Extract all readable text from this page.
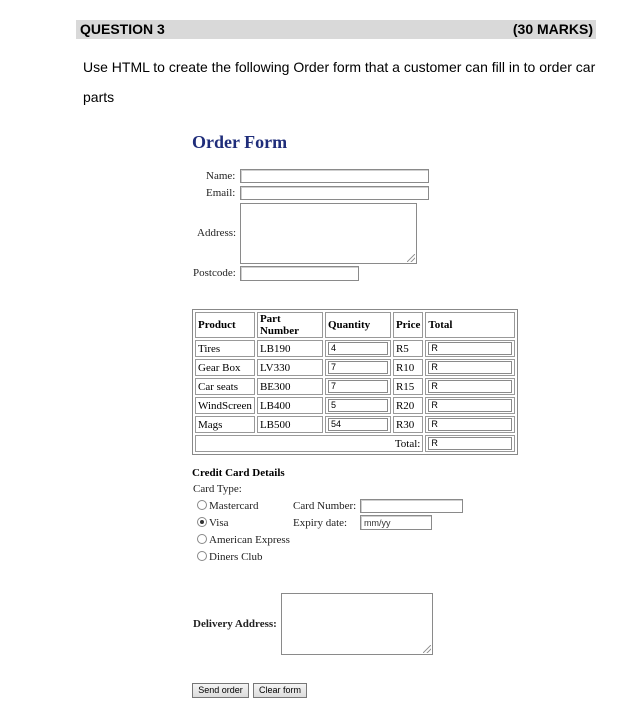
QUESTION 3	(30 MARKS)
Use HTML to create the following Order form that a customer can fill in to order car parts
Order Form
Name:
Email:
Address:
Postcode:
Product	Part Number	Quantity	Price	Total
Tires	LB190	4	R5	R

Gear Box	LV330	7	R10	R

Car seats	BE300	7	R15	R

WindScreen	LB400	5	R20	R

Mags	LB500	54	R30	R

Total:				R
Credit Card Details
Card Type:
Mastercard
Visa
American Express
Diners Club
Card Number:
Expiry date:	mm/yy
Delivery Address:
Send order	Clear form
